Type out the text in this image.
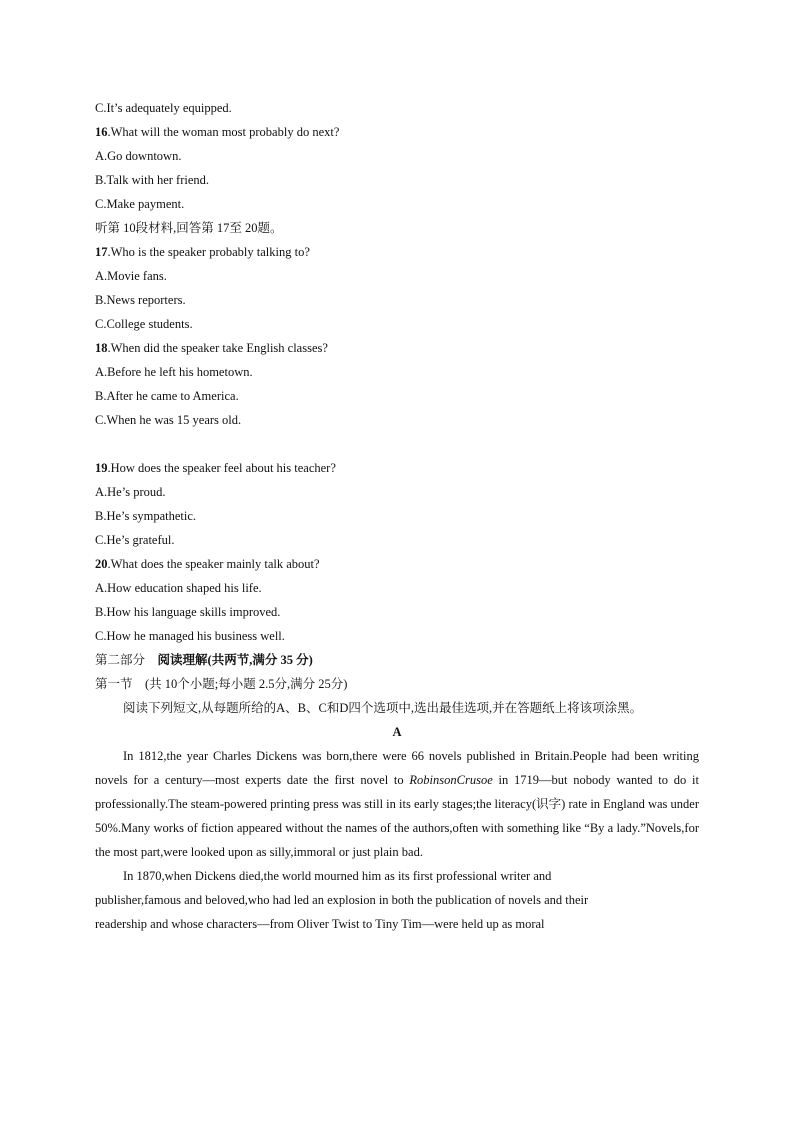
C.It’s adequately equipped.
16.What will the woman most probably do next?
A.Go downtown.
B.Talk with her friend.
C.Make payment.
听第 10段材料,回答第 17至 20题。
17.Who is the speaker probably talking to?
A.Movie fans.
B.News reporters.
C.College students.
18.When did the speaker take English classes?
A.Before he left his hometown.
B.After he came to America.
C.When he was 15 years old.
19.How does the speaker feel about his teacher?
A.He’s proud.
B.He’s sympathetic.
C.He’s grateful.
20.What does the speaker mainly talk about?
A.How education shaped his life.
B.How his language skills improved.
C.How he managed his business well.
第二部分　 阅读理解(共两节,满分 35 分)
第一节　(共 10个小题;每小题 2.5分,满分 25分)
阅读下列短文,从每题所给的A、B、C和D四个选项中,选出最佳选项,并在答题纸上将该项涂黑。
A
In 1812,the year Charles Dickens was born,there were 66 novels published in Britain.People had been writing novels for a century—most experts date the first novel to RobinsonCrusoe in 1719—but nobody wanted to do it professionally.The steam-powered printing press was still in its early stages;the literacy(识字) rate in England was under 50%.Many works of fiction appeared without the names of the authors,often with something like “By a lady.”Novels,for the most part,were looked upon as silly,immoral or just plain bad.
In 1870,when Dickens died,the world mourned him as its first professional writer and
publisher,famous and beloved,who had led an explosion in both the publication of novels and their
readership and whose characters—from Oliver Twist to Tiny Tim—were held up as moral
